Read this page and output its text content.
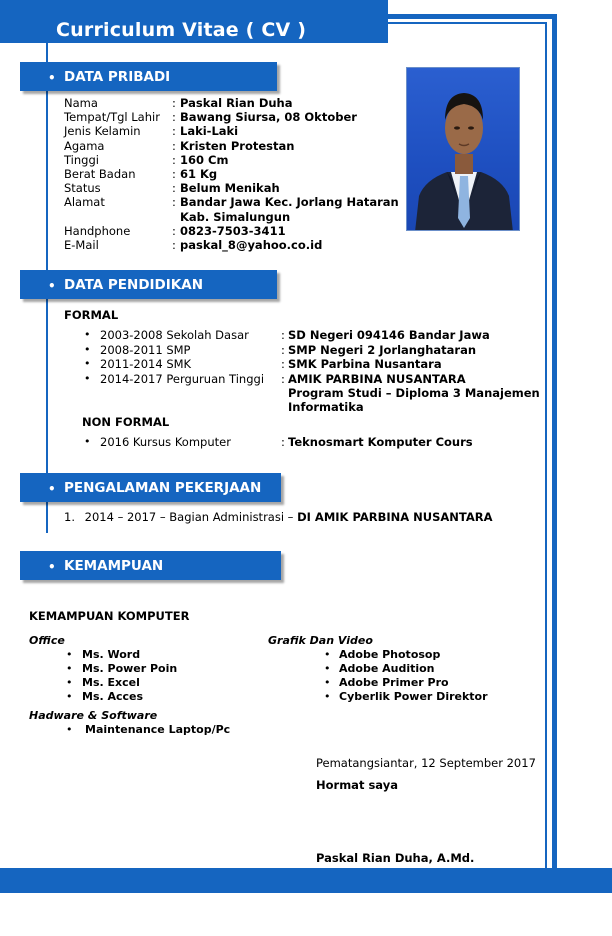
Curriculum Vitae ( CV )
• DATA PRIBADI
• DATA PENDIDIKAN
• PENGALAMAN PEKERJAAN
• KEMAMPUAN
Nama	: Paskal Rian Duha
Tempat/Tgl Lahir : Bawang Siursa, 08 Oktober
Jenis Kelamin	: Laki-Laki
Agama	: Kristen Protestan
Tinggi	: 160 Cm
Berat Badan	: 61 Kg
Status	: Belum Menikah
Alamat	: Bandar Jawa Kec. Jorlang Hataran
Kab. Simalungun
Handphone	: 0823-7503-3411
E-Mail	: paskal_8@yahoo.co.id
FORMAL
• 2003-2008 Sekolah Dasar	: SD Negeri 094146 Bandar Jawa
• 2008-2011 SMP	: SMP Negeri 2 Jorlanghataran
• 2011-2014 SMK	: SMK Parbina Nusantara
• 2014-2017 Perguruan Tinggi : AMIK PARBINA NUSANTARA
Program Studi – Diploma 3 Manajemen
Informatika
NON FORMAL
• 2016 Kursus Komputer	: Teknosmart Komputer Cours
1. 2014 – 2017 – Bagian Administrasi – DI AMIK PARBINA NUSANTARA
KEMAMPUAN KOMPUTER
Office	Grafik Dan Video
• Ms. Word
• Ms. Power Poin
• Ms. Excel
• Ms. Acces
• Adobe Photosop
• Adobe Audition
• Adobe Primer Pro
• Cyberlik Power Direktor
Hadware & Software
• Maintenance Laptop/Pc
Pematangsiantar, 12 September 2017
Hormat saya
Paskal Rian Duha, A.Md.
